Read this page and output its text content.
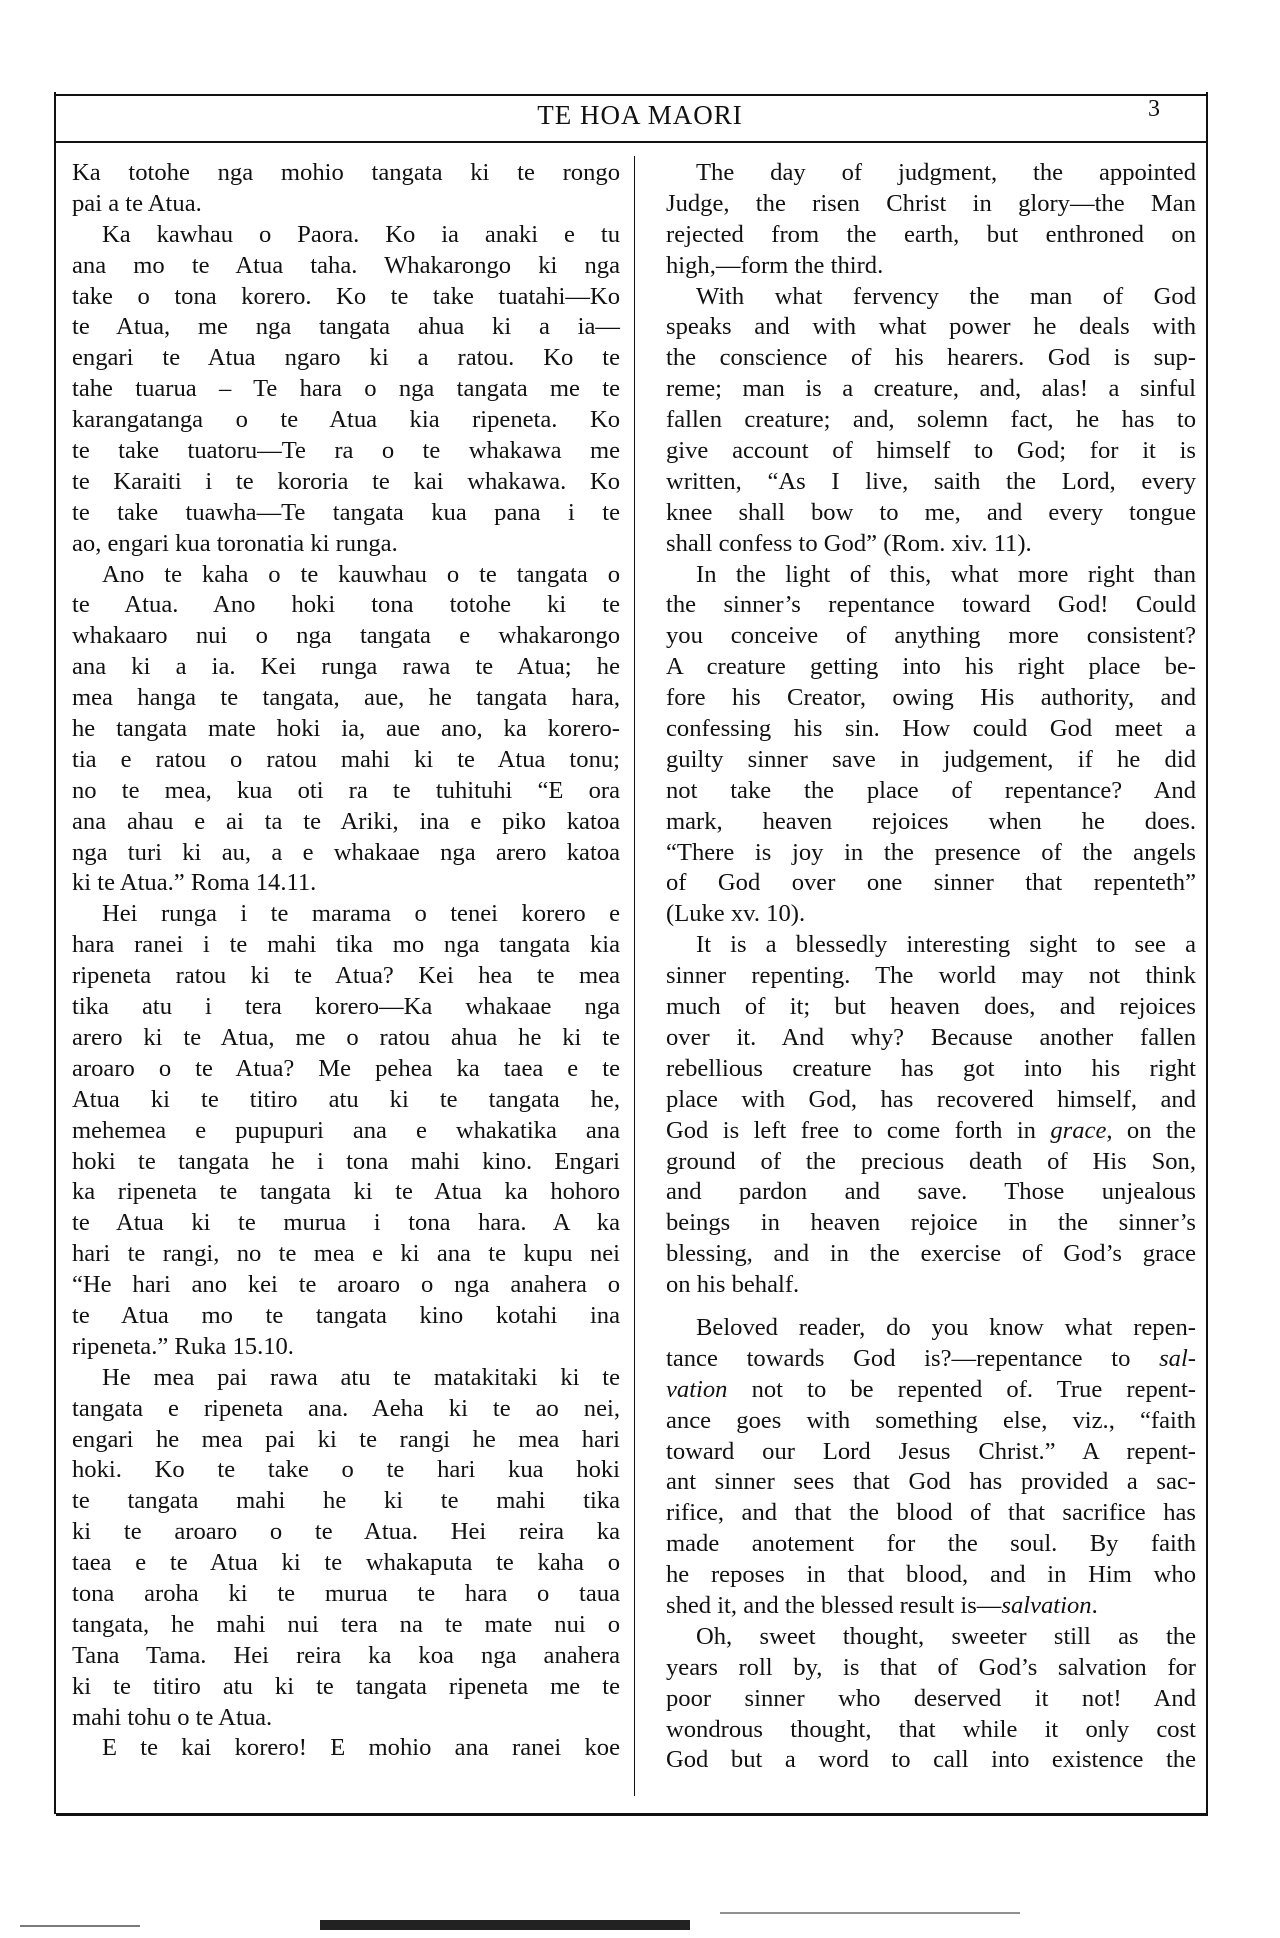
TE HOA MAORI	3
Ka totohe nga mohio tangata ki te rongo
pai a te Atua.
Ka kawhau o Paora. Ko ia anaki e tu
ana mo te Atua taha. Whakarongo ki nga
take o tona korero. Ko te take tuatahi—Ko
te Atua, me nga tangata ahua ki a ia—
engari te Atua ngaro ki a ratou. Ko te
tahe tuarua – Te hara o nga tangata me te
karangatanga o te Atua kia ripeneta. Ko
te take tuatoru—Te ra o te whakawa me
te Karaiti i te kororia te kai whakawa. Ko
te take tuawha—Te tangata kua pana i te
ao, engari kua toronatia ki runga.
Ano te kaha o te kauwhau o te tangata o
te Atua. Ano hoki tona totohe ki te
whakaaro nui o nga tangata e whakarongo
ana ki a ia. Kei runga rawa te Atua; he
mea hanga te tangata, aue, he tangata hara,
he tangata mate hoki ia, aue ano, ka korero-
tia e ratou o ratou mahi ki te Atua tonu;
no te mea, kua oti ra te tuhituhi “E ora
ana ahau e ai ta te Ariki, ina e piko katoa
nga turi ki au, a e whakaae nga arero katoa
ki te Atua.” Roma 14.11.
Hei runga i te marama o tenei korero e
hara ranei i te mahi tika mo nga tangata kia
ripeneta ratou ki te Atua? Kei hea te mea
tika atu i tera korero—Ka whakaae nga
arero ki te Atua, me o ratou ahua he ki te
aroaro o te Atua? Me pehea ka taea e te
Atua ki te titiro atu ki te tangata he,
mehemea e pupupuri ana e whakatika ana
hoki te tangata he i tona mahi kino. Engari
ka ripeneta te tangata ki te Atua ka hohoro
te Atua ki te murua i tona hara. A ka
hari te rangi, no te mea e ki ana te kupu nei
“He hari ano kei te aroaro o nga anahera o
te Atua mo te tangata kino kotahi ina
ripeneta.” Ruka 15.10.
He mea pai rawa atu te matakitaki ki te
tangata e ripeneta ana. Aeha ki te ao nei,
engari he mea pai ki te rangi he mea hari
hoki. Ko te take o te hari kua hoki
te tangata mahi he ki te mahi tika
ki te aroaro o te Atua. Hei reira ka
taea e te Atua ki te whakaputa te kaha o
tona aroha ki te murua te hara o taua
tangata, he mahi nui tera na te mate nui o
Tana Tama. Hei reira ka koa nga anahera
ki te titiro atu ki te tangata ripeneta me te
mahi tohu o te Atua.
E te kai korero! E mohio ana ranei koe
The day of judgment, the appointed
Judge, the risen Christ in glory—the Man
rejected from the earth, but enthroned on
high,—form the third.
With what fervency the man of God
speaks and with what power he deals with
the conscience of his hearers. God is sup-
reme; man is a creature, and, alas! a sinful
fallen creature; and, solemn fact, he has to
give account of himself to God; for it is
written, “As I live, saith the Lord, every
knee shall bow to me, and every tongue
shall confess to God” (Rom. xiv. 11).
In the light of this, what more right than
the sinner’s repentance toward God! Could
you conceive of anything more consistent?
A creature getting into his right place be-
fore his Creator, owing His authority, and
confessing his sin. How could God meet a
guilty sinner save in judgement, if he did
not take the place of repentance? And
mark, heaven rejoices when he does.
“There is joy in the presence of the angels
of God over one sinner that repenteth”
(Luke xv. 10).
It is a blessedly interesting sight to see a
sinner repenting. The world may not think
much of it; but heaven does, and rejoices
over it. And why? Because another fallen
rebellious creature has got into his right
place with God, has recovered himself, and
God is left free to come forth in grace, on the
ground of the precious death of His Son,
and pardon and save. Those unjealous
beings in heaven rejoice in the sinner’s
blessing, and in the exercise of God’s grace
on his behalf.
Beloved reader, do you know what repen-
tance towards God is?—repentance to sal-
vation not to be repented of. True repent-
ance goes with something else, viz., “faith
toward our Lord Jesus Christ.” A repent-
ant sinner sees that God has provided a sac-
rifice, and that the blood of that sacrifice has
made anotement for the soul. By faith
he reposes in that blood, and in Him who
shed it, and the blessed result is—salvation.
Oh, sweet thought, sweeter still as the
years roll by, is that of God’s salvation for
poor sinner who deserved it not! And
wondrous thought, that while it only cost
God but a word to call into existence the
